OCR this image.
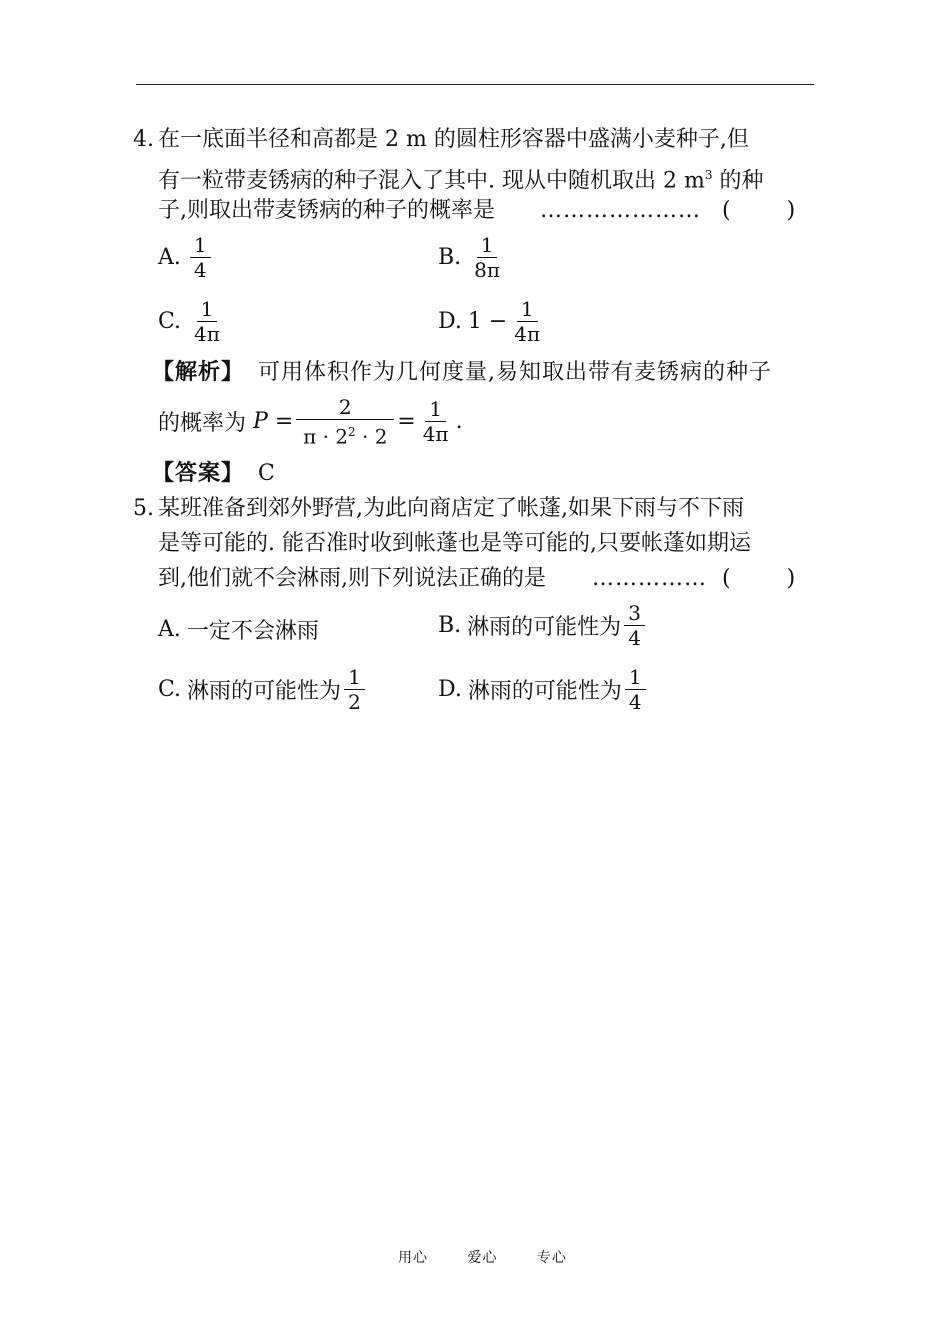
4. 在一底面半径和高都是 2 m 的圆柱形容器中盛满小麦种子,但
有一粒带麦锈病的种子混入了其中. 现从中随机取出 2 $m^3$ 的种
子,则取出带麦锈病的种子的概率是 ………………… (	)
A. $\frac{1}{4}$	B. $\frac{1}{8\pi}$
C. $\frac{1}{4\pi}$	D. $1 - \frac{1}{4\pi}$
【解析】 可用体积作为几何度量,易知取出带有麦锈病的种子
的概率为
P
= $\frac{2}{\pi \cdot 2^2 \cdot 2} = \frac{1}{4\pi}$ .
【答案】 C
5. 某班准备到郊外野营,为此向商店定了帐蓬,如果下雨与不下雨
是等可能的. 能否准时收到帐蓬也是等可能的,只要帐蓬如期运
到,他们就不会淋雨,则下列说法正确的是 …………… (	)
A. 一定不会淋雨	B. 淋雨的可能性为 $\frac{3}{4}$
C. 淋雨的可能性为 $\frac{1}{2}$	D. 淋雨的可能性为 $\frac{1}{4}$
用心	爱心	专心
